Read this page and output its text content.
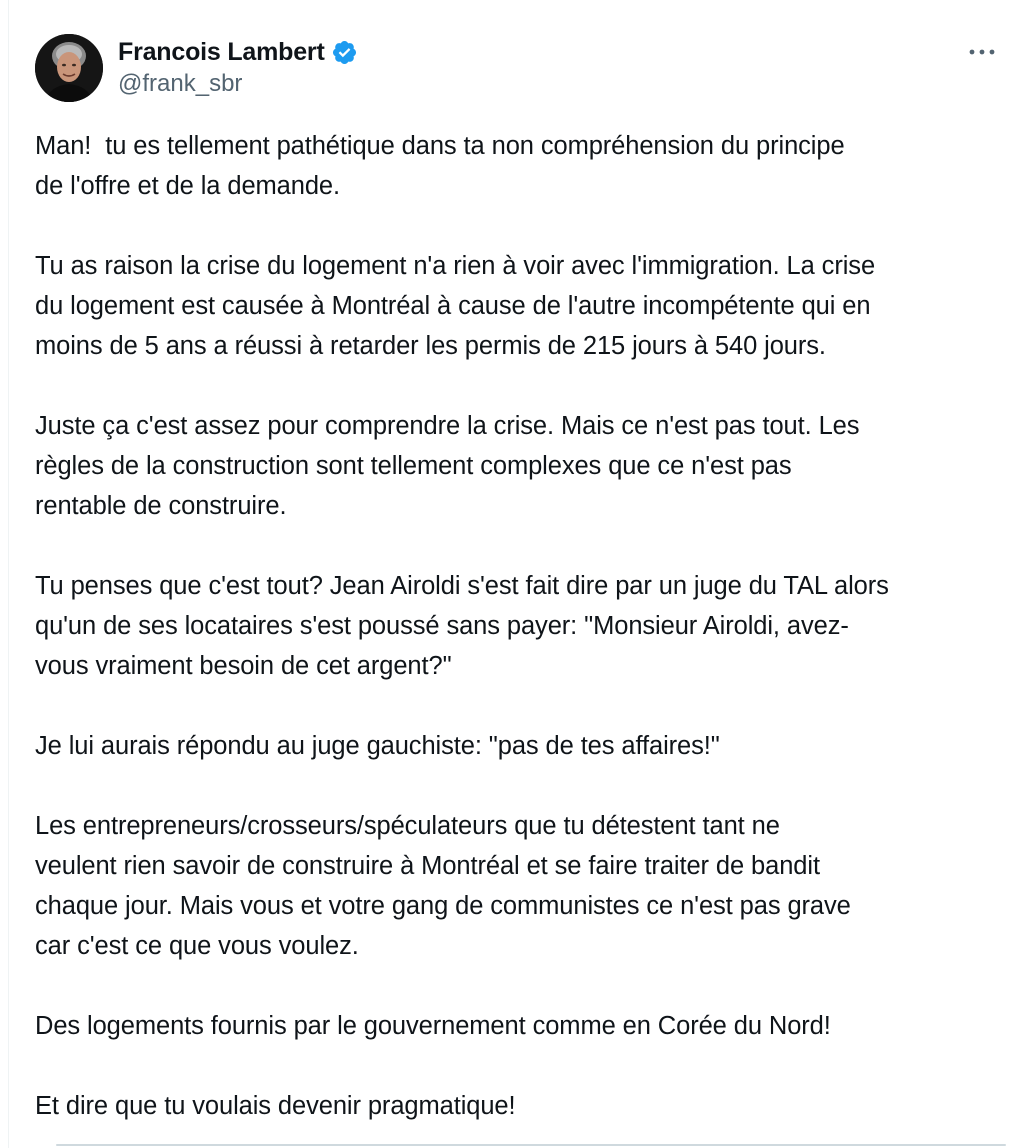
Francois Lambert
@frank_sbr

Man!  tu es tellement pathétique dans ta non compréhension du principe
de l'offre et de la demande.

Tu as raison la crise du logement n'a rien à voir avec l'immigration. La crise
du logement est causée à Montréal à cause de l'autre incompétente qui en
moins de 5 ans a réussi à retarder les permis de 215 jours à 540 jours.

Juste ça c'est assez pour comprendre la crise. Mais ce n'est pas tout. Les
règles de la construction sont tellement complexes que ce n'est pas
rentable de construire.

Tu penses que c'est tout? Jean Airoldi s'est fait dire par un juge du TAL alors
qu'un de ses locataires s'est poussé sans payer: "Monsieur Airoldi, avez-
vous vraiment besoin de cet argent?"

Je lui aurais répondu au juge gauchiste: "pas de tes affaires!"

Les entrepreneurs/crosseurs/spéculateurs que tu détestent tant ne
veulent rien savoir de construire à Montréal et se faire traiter de bandit
chaque jour. Mais vous et votre gang de communistes ce n'est pas grave
car c'est ce que vous voulez.

Des logements fournis par le gouvernement comme en Corée du Nord!

Et dire que tu voulais devenir pragmatique!
